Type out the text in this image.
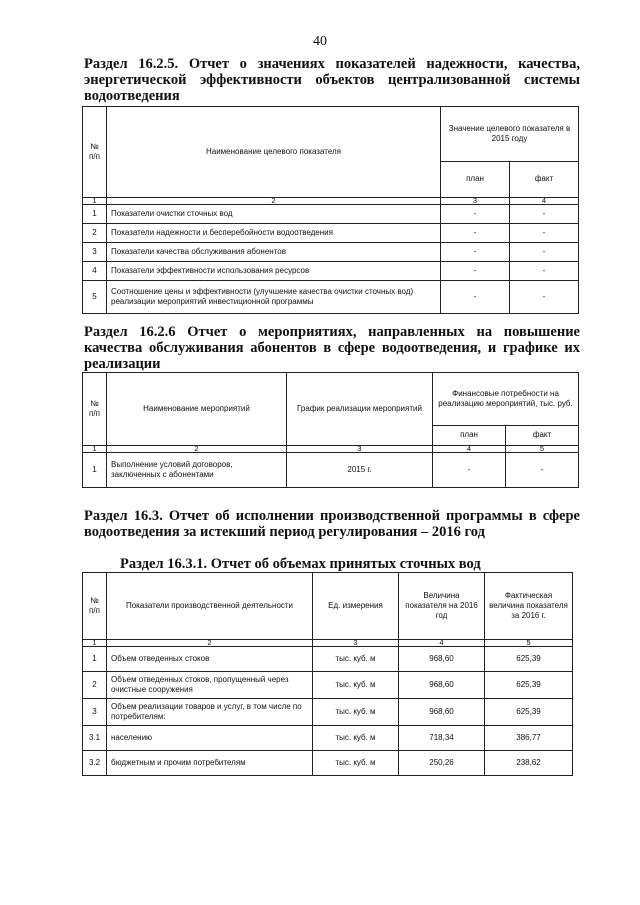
40
Раздел 16.2.5. Отчет о значениях показателей надежности, качества, энергетической эффективности объектов централизованной системы водоотведения
№ п/п	Наименование целевого показателя	Значение целевого показателя в 2015 году	
		план	факт
1	2	3	4
1	Показатели очистки сточных вод	-	-
2	Показатели надежности и бесперебойности водоотведения	-	-
3	Показатели качества обслуживания абонентов	-	-
4	Показатели эффективности использования ресурсов	-	-
5	Соотношение цены и эффективности (улучшение качества очистки сточных вод) реализации мероприятий инвестиционной программы	-	-
Раздел 16.2.6 Отчет о мероприятиях, направленных на повышение качества обслуживания абонентов в сфере водоотведения, и графике их реализации
№ п/п	Наименование мероприятий	График реализации мероприятий	Финансовые потребности на реализацию мероприятий, тыс. руб.	
			план	факт
1	2	3	4	5
1	Выполнение условий договоров, заключенных с абонентами	2015 г.	-	-
Раздел 16.3. Отчет об исполнении производственной программы в сфере водоотведения за истекший период регулирования – 2016 год
Раздел 16.3.1. Отчет об объемах принятых сточных вод
№ п/п	Показатели производственной деятельности	Ед. измерения	Величина показателя на 2016 год	Фактическая величина показателя за 2016 г.
1	2	3	4	5
1	Объем отведенных стоков	тыс. куб. м	968,60	625,39
2	Объем отведенных стоков, пропущенный через очистные сооружения	тыс. куб. м	968,60	625,39
3	Объем реализации товаров и услуг, в том числе по потребителям:	тыс. куб. м	968,60	625,39
3.1	населению	тыс. куб. м	718,34	386,77
3.2	бюджетным и прочим потребителям	тыс. куб. м	250,26	238,62
